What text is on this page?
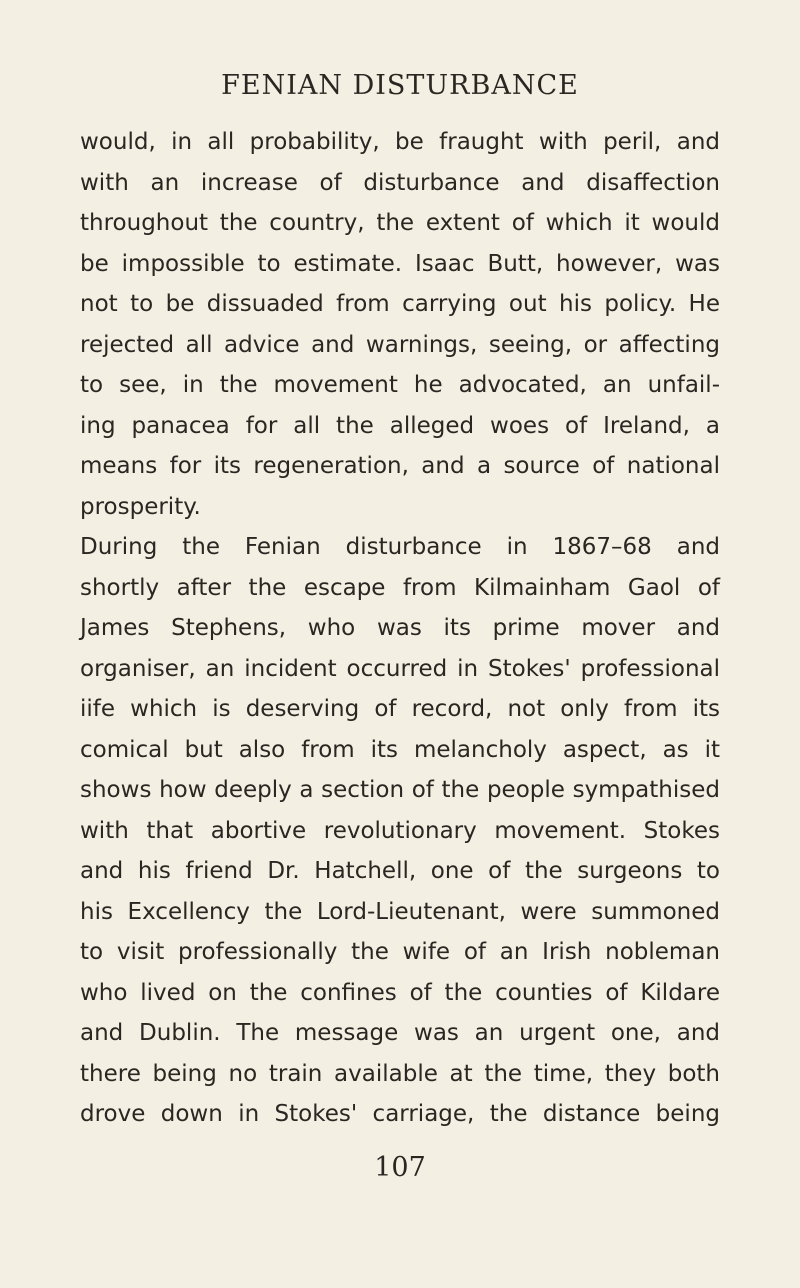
FENIAN DISTURBANCE
would, in all probability, be fraught with peril, and
with an increase of disturbance and disaffection
throughout the country, the extent of which it would
be impossible to estimate. Isaac Butt, however, was
not to be dissuaded from carrying out his policy. He
rejected all advice and warnings, seeing, or affecting
to see, in the movement he advocated, an unfail-
ing panacea for all the alleged woes of Ireland, a
means for its regeneration, and a source of national
prosperity.
During the Fenian disturbance in 1867–68 and
shortly after the escape from Kilmainham Gaol of
James Stephens, who was its prime mover and
organiser, an incident occurred in Stokes' professional
iife which is deserving of record, not only from its
comical but also from its melancholy aspect, as it
shows how deeply a section of the people sympathised
with that abortive revolutionary movement. Stokes
and his friend Dr. Hatchell, one of the surgeons to
his Excellency the Lord-Lieutenant, were summoned
to visit professionally the wife of an Irish nobleman
who lived on the confines of the counties of Kildare
and Dublin. The message was an urgent one, and
there being no train available at the time, they both
drove down in Stokes' carriage, the distance being
107
